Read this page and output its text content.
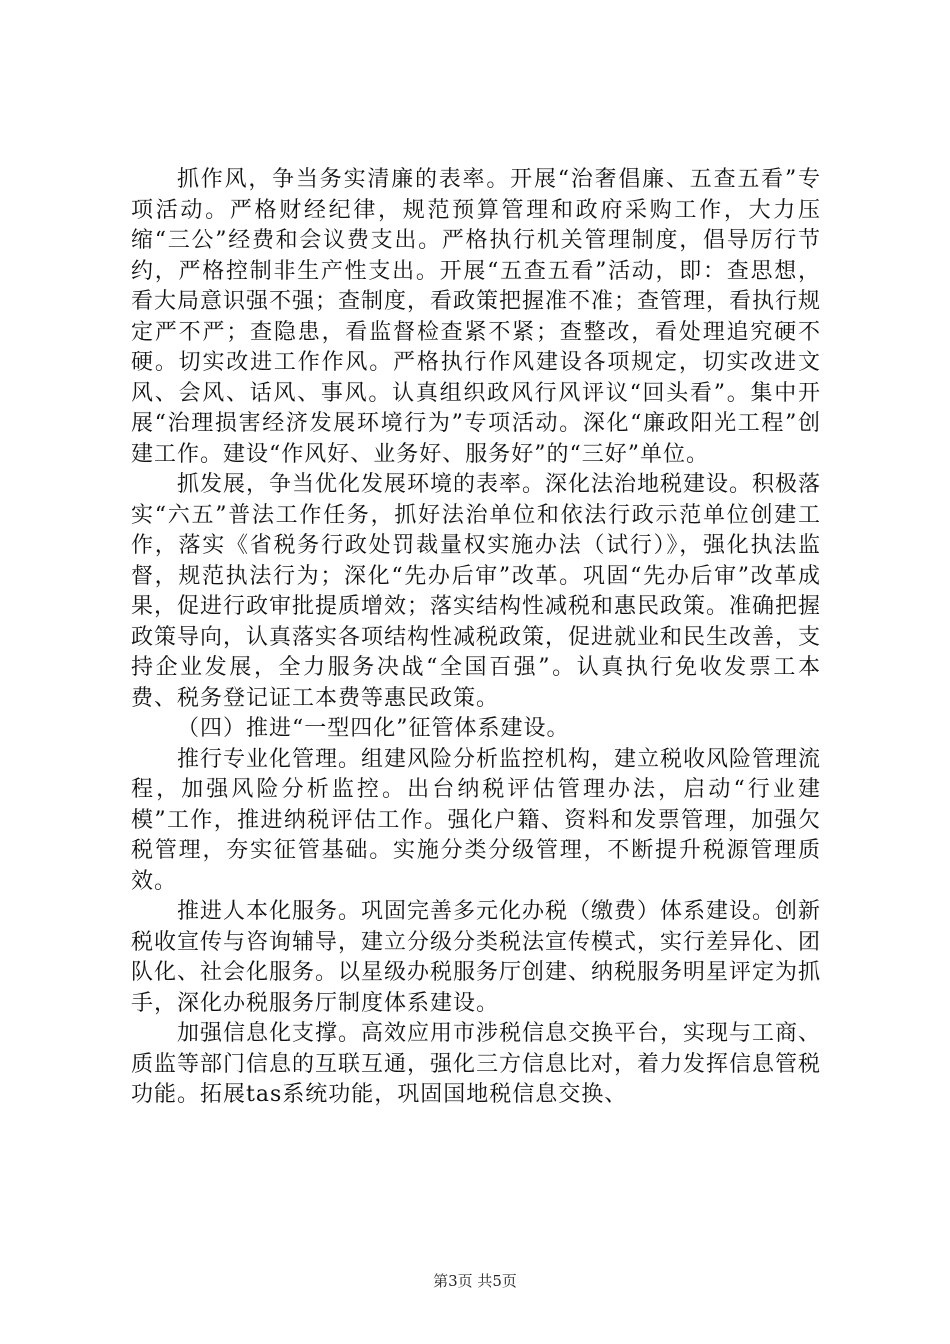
抓作风，争当务实清廉的表率。开展“治奢倡廉、五查五看”专项活动。严格财经纪律，规范预算管理和政府采购工作，大力压缩“三公”经费和会议费支出。严格执行机关管理制度，倡导厉行节约，严格控制非生产性支出。开展“五查五看”活动，即：查思想，看大局意识强不强；查制度，看政策把握准不准；查管理，看执行规定严不严；查隐患，看监督检查紧不紧；查整改，看处理追究硬不硬。切实改进工作作风。严格执行作风建设各项规定，切实改进文风、会风、话风、事风。认真组织政风行风评议“回头看”。集中开展“治理损害经济发展环境行为”专项活动。深化“廉政阳光工程”创建工作。建设“作风好、业务好、服务好”的“三好”单位。

抓发展，争当优化发展环境的表率。深化法治地税建设。积极落实“六五”普法工作任务，抓好法治单位和依法行政示范单位创建工作，落实《省税务行政处罚裁量权实施办法（试行）》，强化执法监督，规范执法行为；深化“先办后审”改革。巩固“先办后审”改革成果，促进行政审批提质增效；落实结构性减税和惠民政策。准确把握政策导向，认真落实各项结构性减税政策，促进就业和民生改善，支持企业发展，全力服务决战“全国百强”。认真执行免收发票工本费、税务登记证工本费等惠民政策。

（四）推进“一型四化”征管体系建设。

推行专业化管理。组建风险分析监控机构，建立税收风险管理流程，加强风险分析监控。出台纳税评估管理办法，启动“行业建模”工作，推进纳税评估工作。强化户籍、资料和发票管理，加强欠税管理，夯实征管基础。实施分类分级管理，不断提升税源管理质效。

推进人本化服务。巩固完善多元化办税（缴费）体系建设。创新税收宣传与咨询辅导，建立分级分类税法宣传模式，实行差异化、团队化、社会化服务。以星级办税服务厅创建、纳税服务明星评定为抓手，深化办税服务厅制度体系建设。

加强信息化支撑。高效应用市涉税信息交换平台，实现与工商、质监等部门信息的互联互通，强化三方信息比对，着力发挥信息管税功能。拓展tas系统功能，巩固国地税信息交换、

第3页 共5页
